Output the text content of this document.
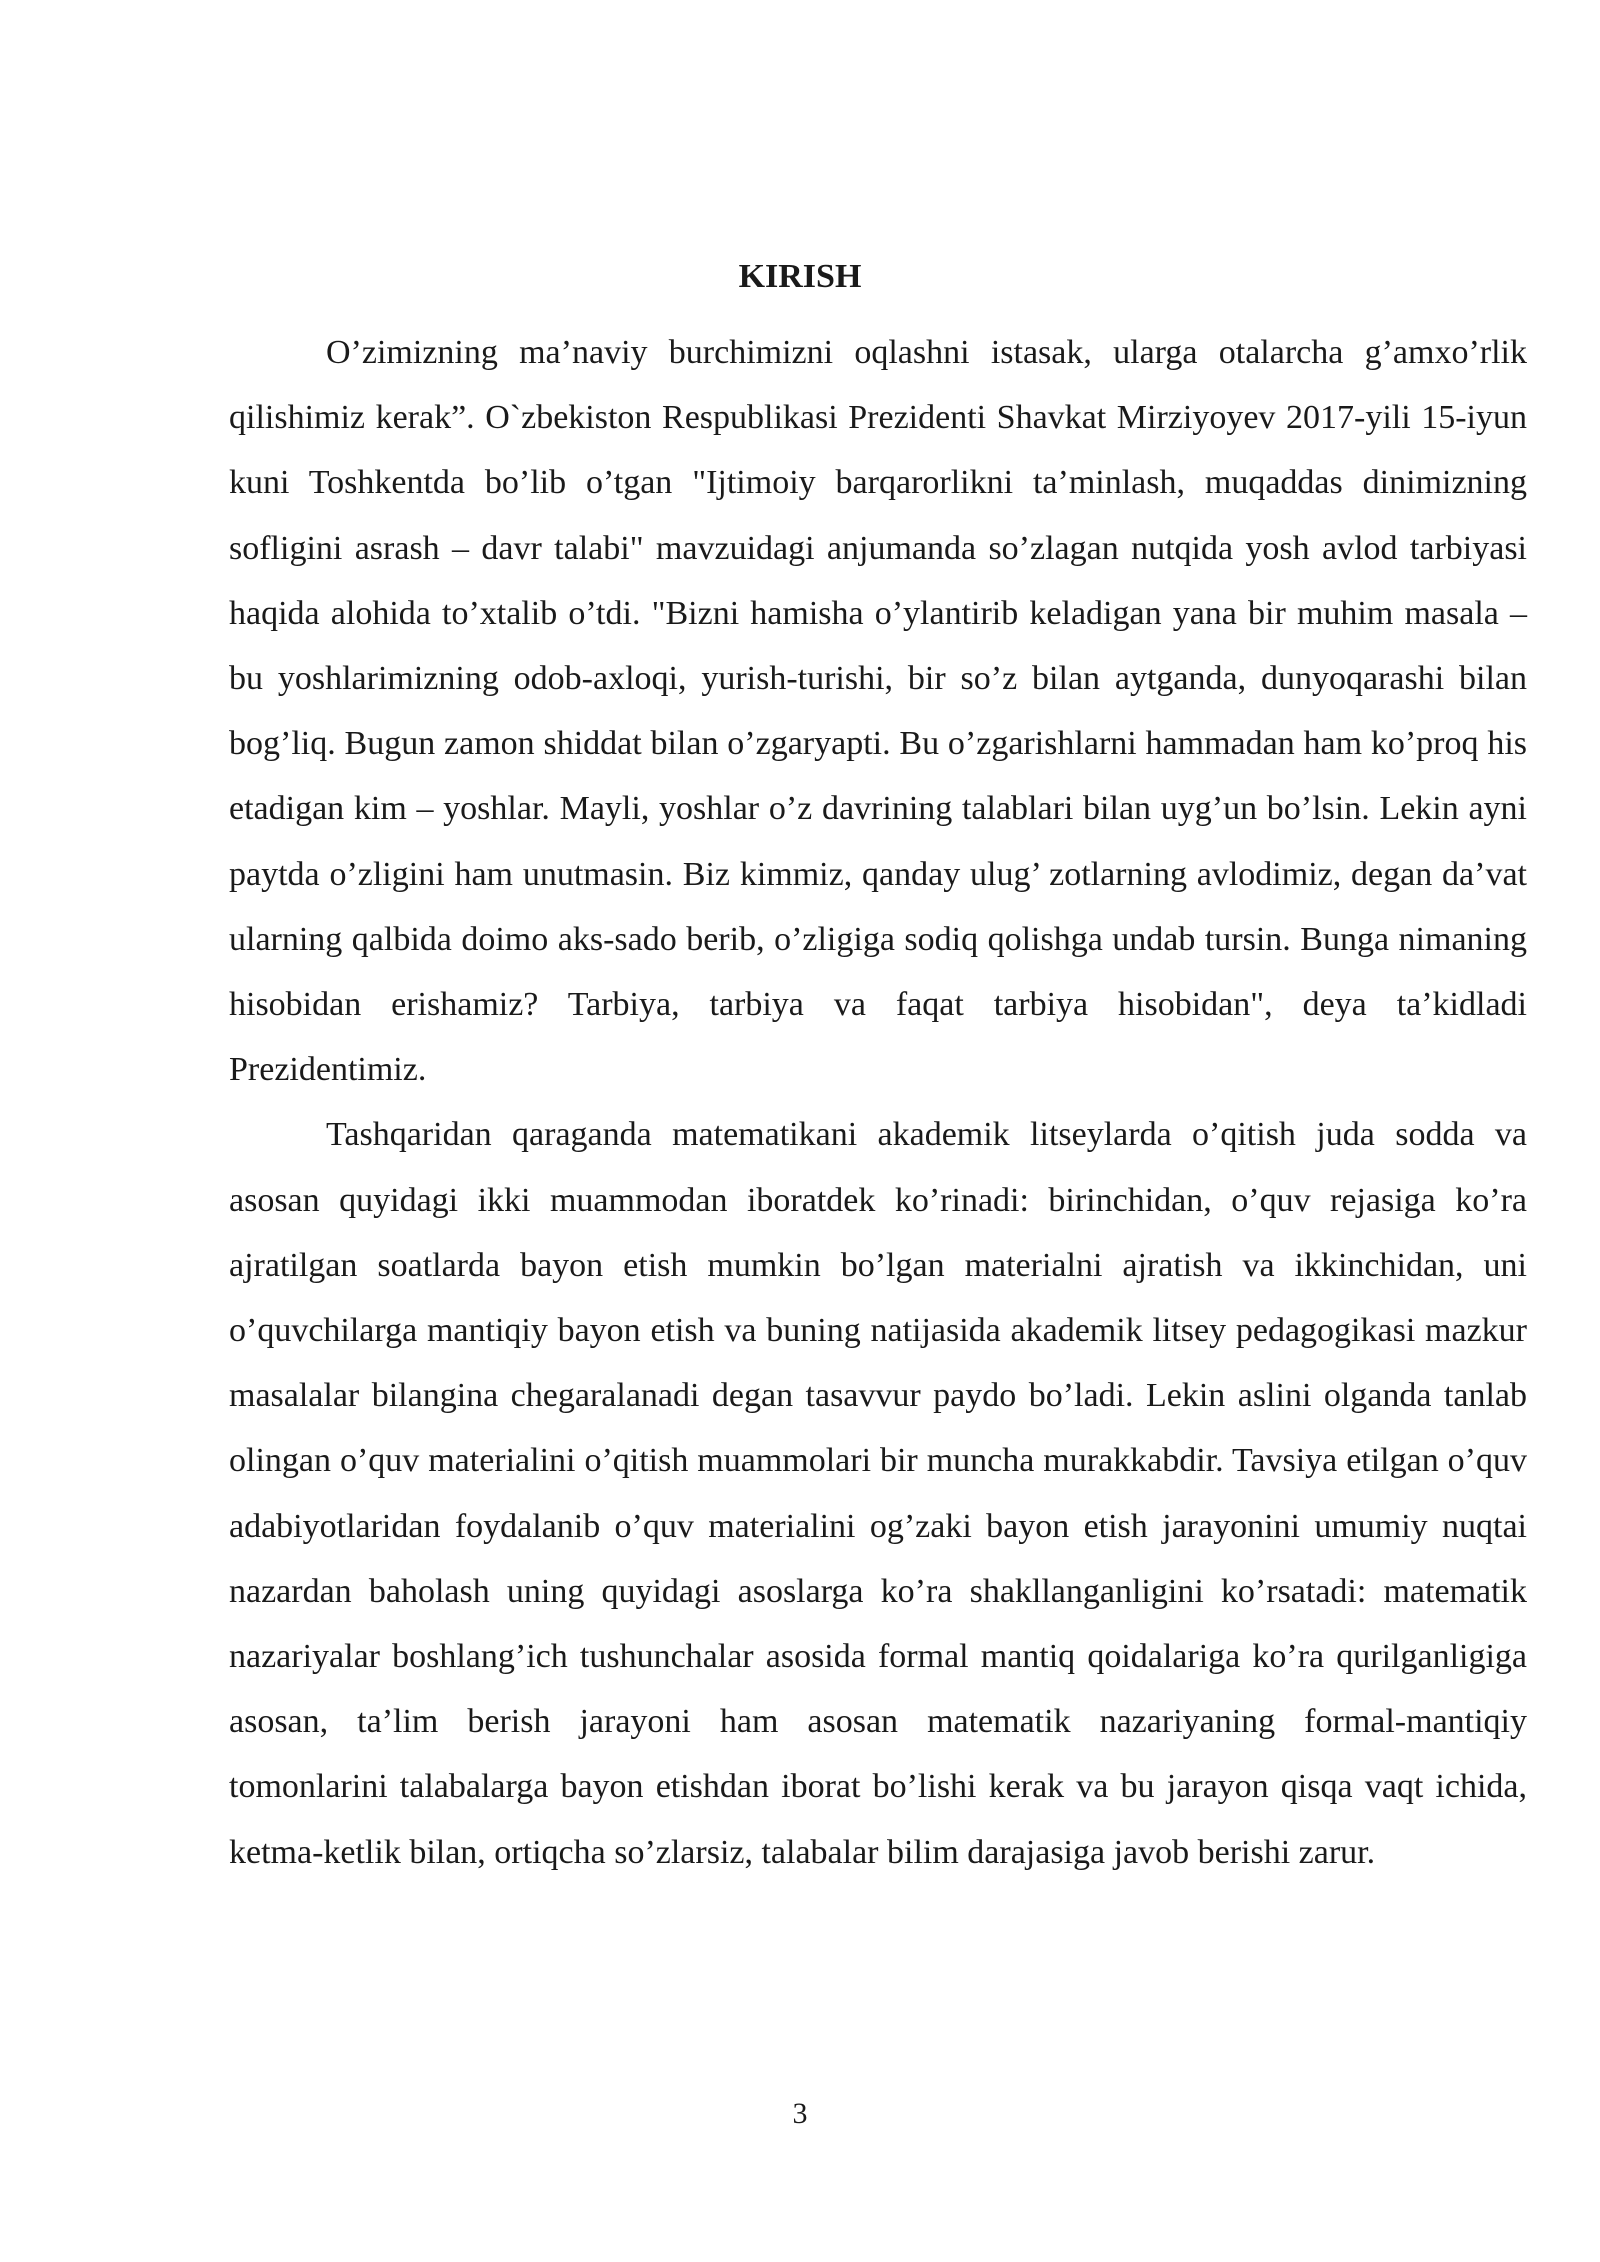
KIRISH

O’zimizning ma’naviy burchimizni oqlashni istasak, ularga otalarcha g’amxo’rlik qilishimiz kerak”. O`zbekiston Respublikasi Prezidenti Shavkat Mirziyoyev 2017-yili 15-iyun kuni Toshkentda bo’lib o’tgan "Ijtimoiy barqarorlikni ta’minlash, muqaddas dinimizning sofligini asrash – davr talabi" mavzuidagi anjumanda so’zlagan nutqida yosh avlod tarbiyasi haqida alohida to’xtalib o’tdi. "Bizni hamisha o’ylantirib keladigan yana bir muhim masala – bu yoshlarimizning odob-axloqi, yurish-turishi, bir so’z bilan aytganda, dunyoqarashi bilan bog’liq. Bugun zamon shiddat bilan o’zgaryapti. Bu o’zgarishlarni hammadan ham ko’proq his etadigan kim – yoshlar. Mayli, yoshlar o’z davrining talablari bilan uyg’un bo’lsin. Lekin ayni paytda o’zligini ham unutmasin. Biz kimmiz, qanday ulug’ zotlarning avlodimiz, degan da’vat ularning qalbida doimo aks-sado berib, o’zligiga sodiq qolishga undab tursin. Bunga nimaning hisobidan erishamiz? Tarbiya, tarbiya va faqat tarbiya hisobidan", deya ta’kidladi Prezidentimiz.

Tashqaridan qaraganda matematikani akademik litseylarda o’qitish juda sodda va asosan quyidagi ikki muammodan iboratdek ko’rinadi: birinchidan, o’quv rejasiga ko’ra ajratilgan soatlarda bayon etish mumkin bo’lgan materialni ajratish va ikkinchidan, uni o’quvchilarga mantiqiy bayon etish va buning natijasida akademik litsey pedagogikasi mazkur masalalar bilangina chegaralanadi degan tasavvur paydo bo’ladi. Lekin aslini olganda tanlab olingan o’quv materialini o’qitish muammolari bir muncha murakkabdir. Tavsiya etilgan o’quv adabiyotlaridan foydalanib o’quv materialini og’zaki bayon etish jarayonini umumiy nuqtai nazardan baholash uning quyidagi asoslarga ko’ra shakllanganligini ko’rsatadi: matematik nazariyalar boshlang’ich tushunchalar asosida formal mantiq qoidalariga ko’ra qurilganligiga asosan, ta’lim berish jarayoni ham asosan matematik nazariyaning formal-mantiqiy tomonlarini talabalarga bayon etishdan iborat bo’lishi kerak va bu jarayon qisqa vaqt ichida, ketma-ketlik bilan, ortiqcha so’zlarsiz, talabalar bilim darajasiga javob berishi zarur.

3
